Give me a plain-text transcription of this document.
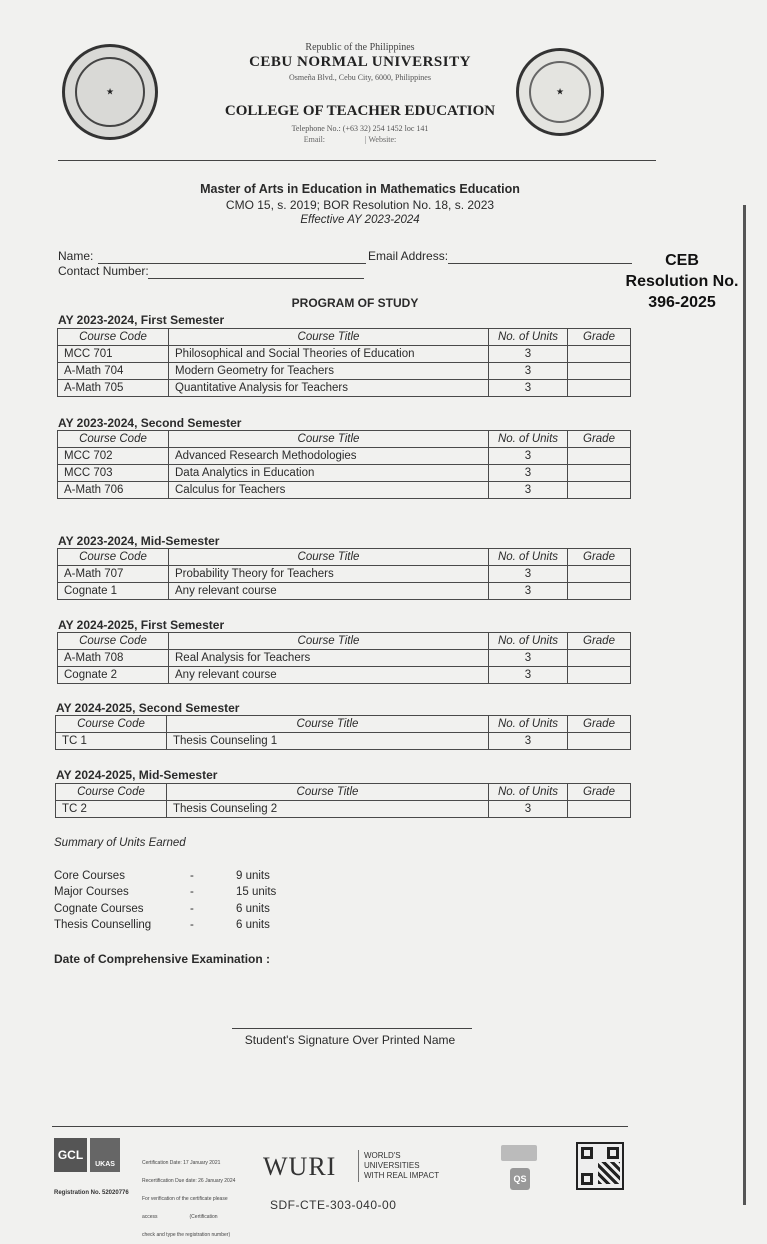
★	★
Republic of the Philippines
CEBU NORMAL UNIVERSITY
Osmeña Blvd., Cebu City, 6000, Philippines
COLLEGE OF TEACHER EDUCATION
Telephone No.: (+63 32) 254 1452 loc 141
Email:                    | Website:
Master of Arts in Education in Mathematics Education
CMO 15, s. 2019; BOR Resolution No. 18, s. 2023
Effective AY 2023-2024
Name:	Email Address:
Contact Number:
CEB
Resolution No.
396-2025
PROGRAM OF STUDY
AY 2023-2024, First Semester
Course Code	Course Title	No. of Units	Grade
MCC 701	Philosophical and Social Theories of Education	3	
A-Math 704	Modern Geometry for Teachers	3	
A-Math 705	Quantitative Analysis for Teachers	3	
AY 2023-2024, Second Semester
Course Code	Course Title	No. of Units	Grade
MCC 702	Advanced Research Methodologies	3	
MCC 703	Data Analytics in Education	3	
A-Math 706	Calculus for Teachers	3	
AY 2023-2024, Mid-Semester
Course Code	Course Title	No. of Units	Grade
A-Math 707	Probability Theory for Teachers	3	
Cognate 1	Any relevant course	3	
AY 2024-2025, First Semester
Course Code	Course Title	No. of Units	Grade
A-Math 708	Real Analysis for Teachers	3	
Cognate 2	Any relevant course	3	
AY 2024-2025, Second Semester
Course Code	Course Title	No. of Units	Grade
TC 1	Thesis Counseling 1	3	
AY 2024-2025, Mid-Semester
Course Code	Course Title	No. of Units	Grade
TC 2	Thesis Counseling 2	3	
Summary of Units Earned
Core Courses	-	9 units
Major Courses	-	15 units
Cognate Courses	-	6 units
Thesis Counselling	-	6 units
Date of Comprehensive Examination :
Student's Signature Over Printed Name
GCL
UKAS
Registration No. 52020776

Certification Date: 17 January 2021

Recertification Due date: 26 January 2024

For verification of the certificate please

access                       (Certification

check and type the registration number)

WURI	WORLD'S
UNIVERSITIES
WITH REAL IMPACT	QS
SDF-CTE-303-040-00
